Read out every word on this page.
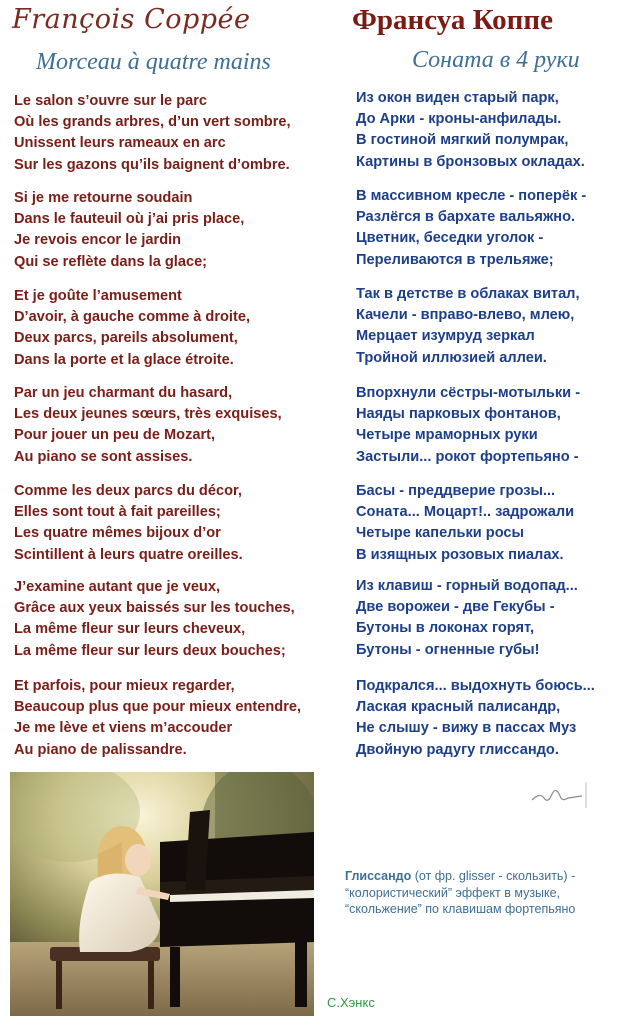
François Coppée
Morceau à quatre mains
Le salon s’ouvre sur le parc
Où les grands arbres, d’un vert sombre,
Unissent leurs rameaux en arc
Sur les gazons qu’ils baignent d’ombre.
Si je me retourne soudain
Dans le fauteuil où j’ai pris place,
Je revois encor le jardin
Qui se reflète dans la glace;
Et je goûte l’amusement
D’avoir, à gauche comme à droite,
Deux parcs, pareils absolument,
Dans la porte et la glace étroite.
Par un jeu charmant du hasard,
Les deux jeunes sœurs, très exquises,
Pour jouer un peu de Mozart,
Au piano se sont assises.
Comme les deux parcs du décor,
Elles sont tout à fait pareilles;
Les quatre mêmes bijoux d’or
Scintillent à leurs quatre oreilles.
J’examine autant que je veux,
Grâce aux yeux baissés sur les touches,
La même fleur sur leurs cheveux,
La même fleur sur leurs deux bouches;
Et parfois, pour mieux regarder,
Beaucoup plus que pour mieux entendre,
Je me lève et viens m’accouder
Au piano de palissandre.
Франсуа Коппе
Соната в 4 руки
Из окон виден старый парк,
До Арки - кроны-анфилады.
В гостиной мягкий полумрак,
Картины в бронзовых окладах.
В массивном кресле - поперёк -
Разлёгся в бархате вальяжно.
Цветник, беседки уголок -
Переливаются в трельяже;
Так в детстве в облаках витал,
Качели - вправо-влево, млею,
Мерцает изумруд зеркал
Тройной иллюзией аллеи.
Впорхнули сёстры-мотыльки -
Наяды парковых фонтанов,
Четыре мраморных руки
Застыли... рокот фортепьяно -
Басы - преддверие грозы...
Соната... Моцарт!.. задрожали
Четыре капельки росы
В изящных розовых пиалах.
Из клавиш - горный водопад...
Две ворожеи - две Гекубы -
Бутоны в локонах горят,
Бутоны - огненные губы!
Подкрался... выдохнуть боюсь...
Ласкaя красный палисандр,
Не слышу - вижу в пассах Муз
Двойную радугу глиссандо.
Глиссандо (от фр. glisser - скользить) - “колористический” эффект в музыке, “скольжение” по клавишам фортепьяно
С.Хэнкс
